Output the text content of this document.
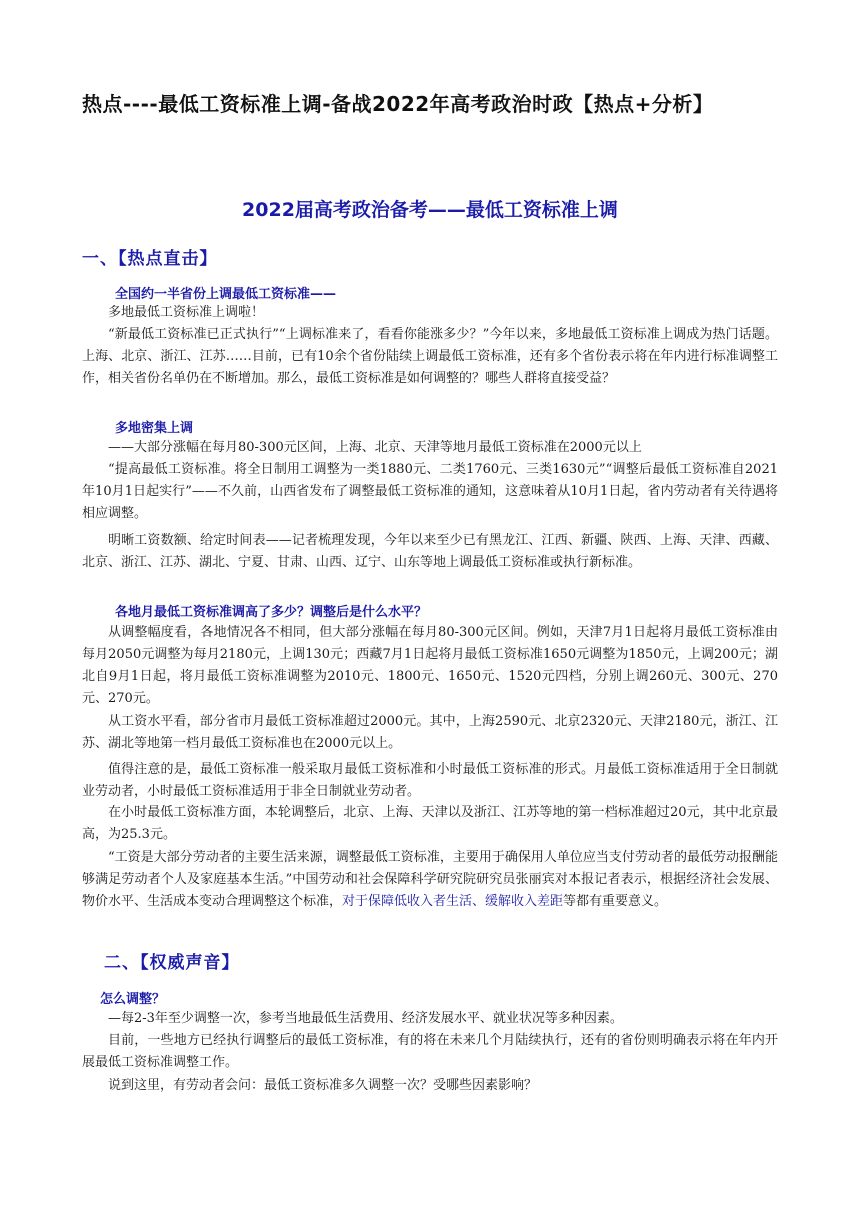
热点----最低工资标准上调-备战2022年高考政治时政【热点+分析】
2022届高考政治备考——最低工资标准上调
一、【热点直击】
全国约一半省份上调最低工资标准——
多地最低工资标准上调啦！
“新最低工资标准已正式执行”“上调标准来了，看看你能涨多少？”今年以来，多地最低工资标准上调成为热门话题。上海、北京、浙江、江苏……目前，已有10余个省份陆续上调最低工资标准，还有多个省份表示将在年内进行标准调整工作，相关省份名单仍在不断增加。那么，最低工资标准是如何调整的？哪些人群将直接受益？
多地密集上调
——大部分涨幅在每月80-300元区间，上海、北京、天津等地月最低工资标准在2000元以上
“提高最低工资标准。将全日制用工调整为一类1880元、二类1760元、三类1630元”“调整后最低工资标准自2021年10月1日起实行”——不久前，山西省发布了调整最低工资标准的通知，这意味着从10月1日起，省内劳动者有关待遇将相应调整。
明晰工资数额、给定时间表——记者梳理发现，今年以来至少已有黑龙江、江西、新疆、陕西、上海、天津、西藏、北京、浙江、江苏、湖北、宁夏、甘肃、山西、辽宁、山东等地上调最低工资标准或执行新标准。
各地月最低工资标准调高了多少？调整后是什么水平？
从调整幅度看，各地情况各不相同，但大部分涨幅在每月80-300元区间。例如，天津7月1日起将月最低工资标准由每月2050元调整为每月2180元，上调130元；西藏7月1日起将月最低工资标准1650元调整为1850元，上调200元；湖北自9月1日起，将月最低工资标准调整为2010元、1800元、1650元、1520元四档，分别上调260元、300元、270元、270元。
从工资水平看，部分省市月最低工资标准超过2000元。其中，上海2590元、北京2320元、天津2180元，浙江、江苏、湖北等地第一档月最低工资标准也在2000元以上。
值得注意的是，最低工资标准一般采取月最低工资标准和小时最低工资标准的形式。月最低工资标准适用于全日制就业劳动者，小时最低工资标准适用于非全日制就业劳动者。
在小时最低工资标准方面，本轮调整后，北京、上海、天津以及浙江、江苏等地的第一档标准超过20元，其中北京最高，为25.3元。
“工资是大部分劳动者的主要生活来源，调整最低工资标准，主要用于确保用人单位应当支付劳动者的最低劳动报酬能够满足劳动者个人及家庭基本生活。”中国劳动和社会保障科学研究院研究员张丽宾对本报记者表示，根据经济社会发展、物价水平、生活成本变动合理调整这个标准，对于保障低收入者生活、缓解收入差距等都有重要意义。
二、【权威声音】
怎么调整？
—每2-3年至少调整一次，参考当地最低生活费用、经济发展水平、就业状况等多种因素。
目前，一些地方已经执行调整后的最低工资标准，有的将在未来几个月陆续执行，还有的省份则明确表示将在年内开展最低工资标准调整工作。
说到这里，有劳动者会问：最低工资标准多久调整一次？受哪些因素影响？
